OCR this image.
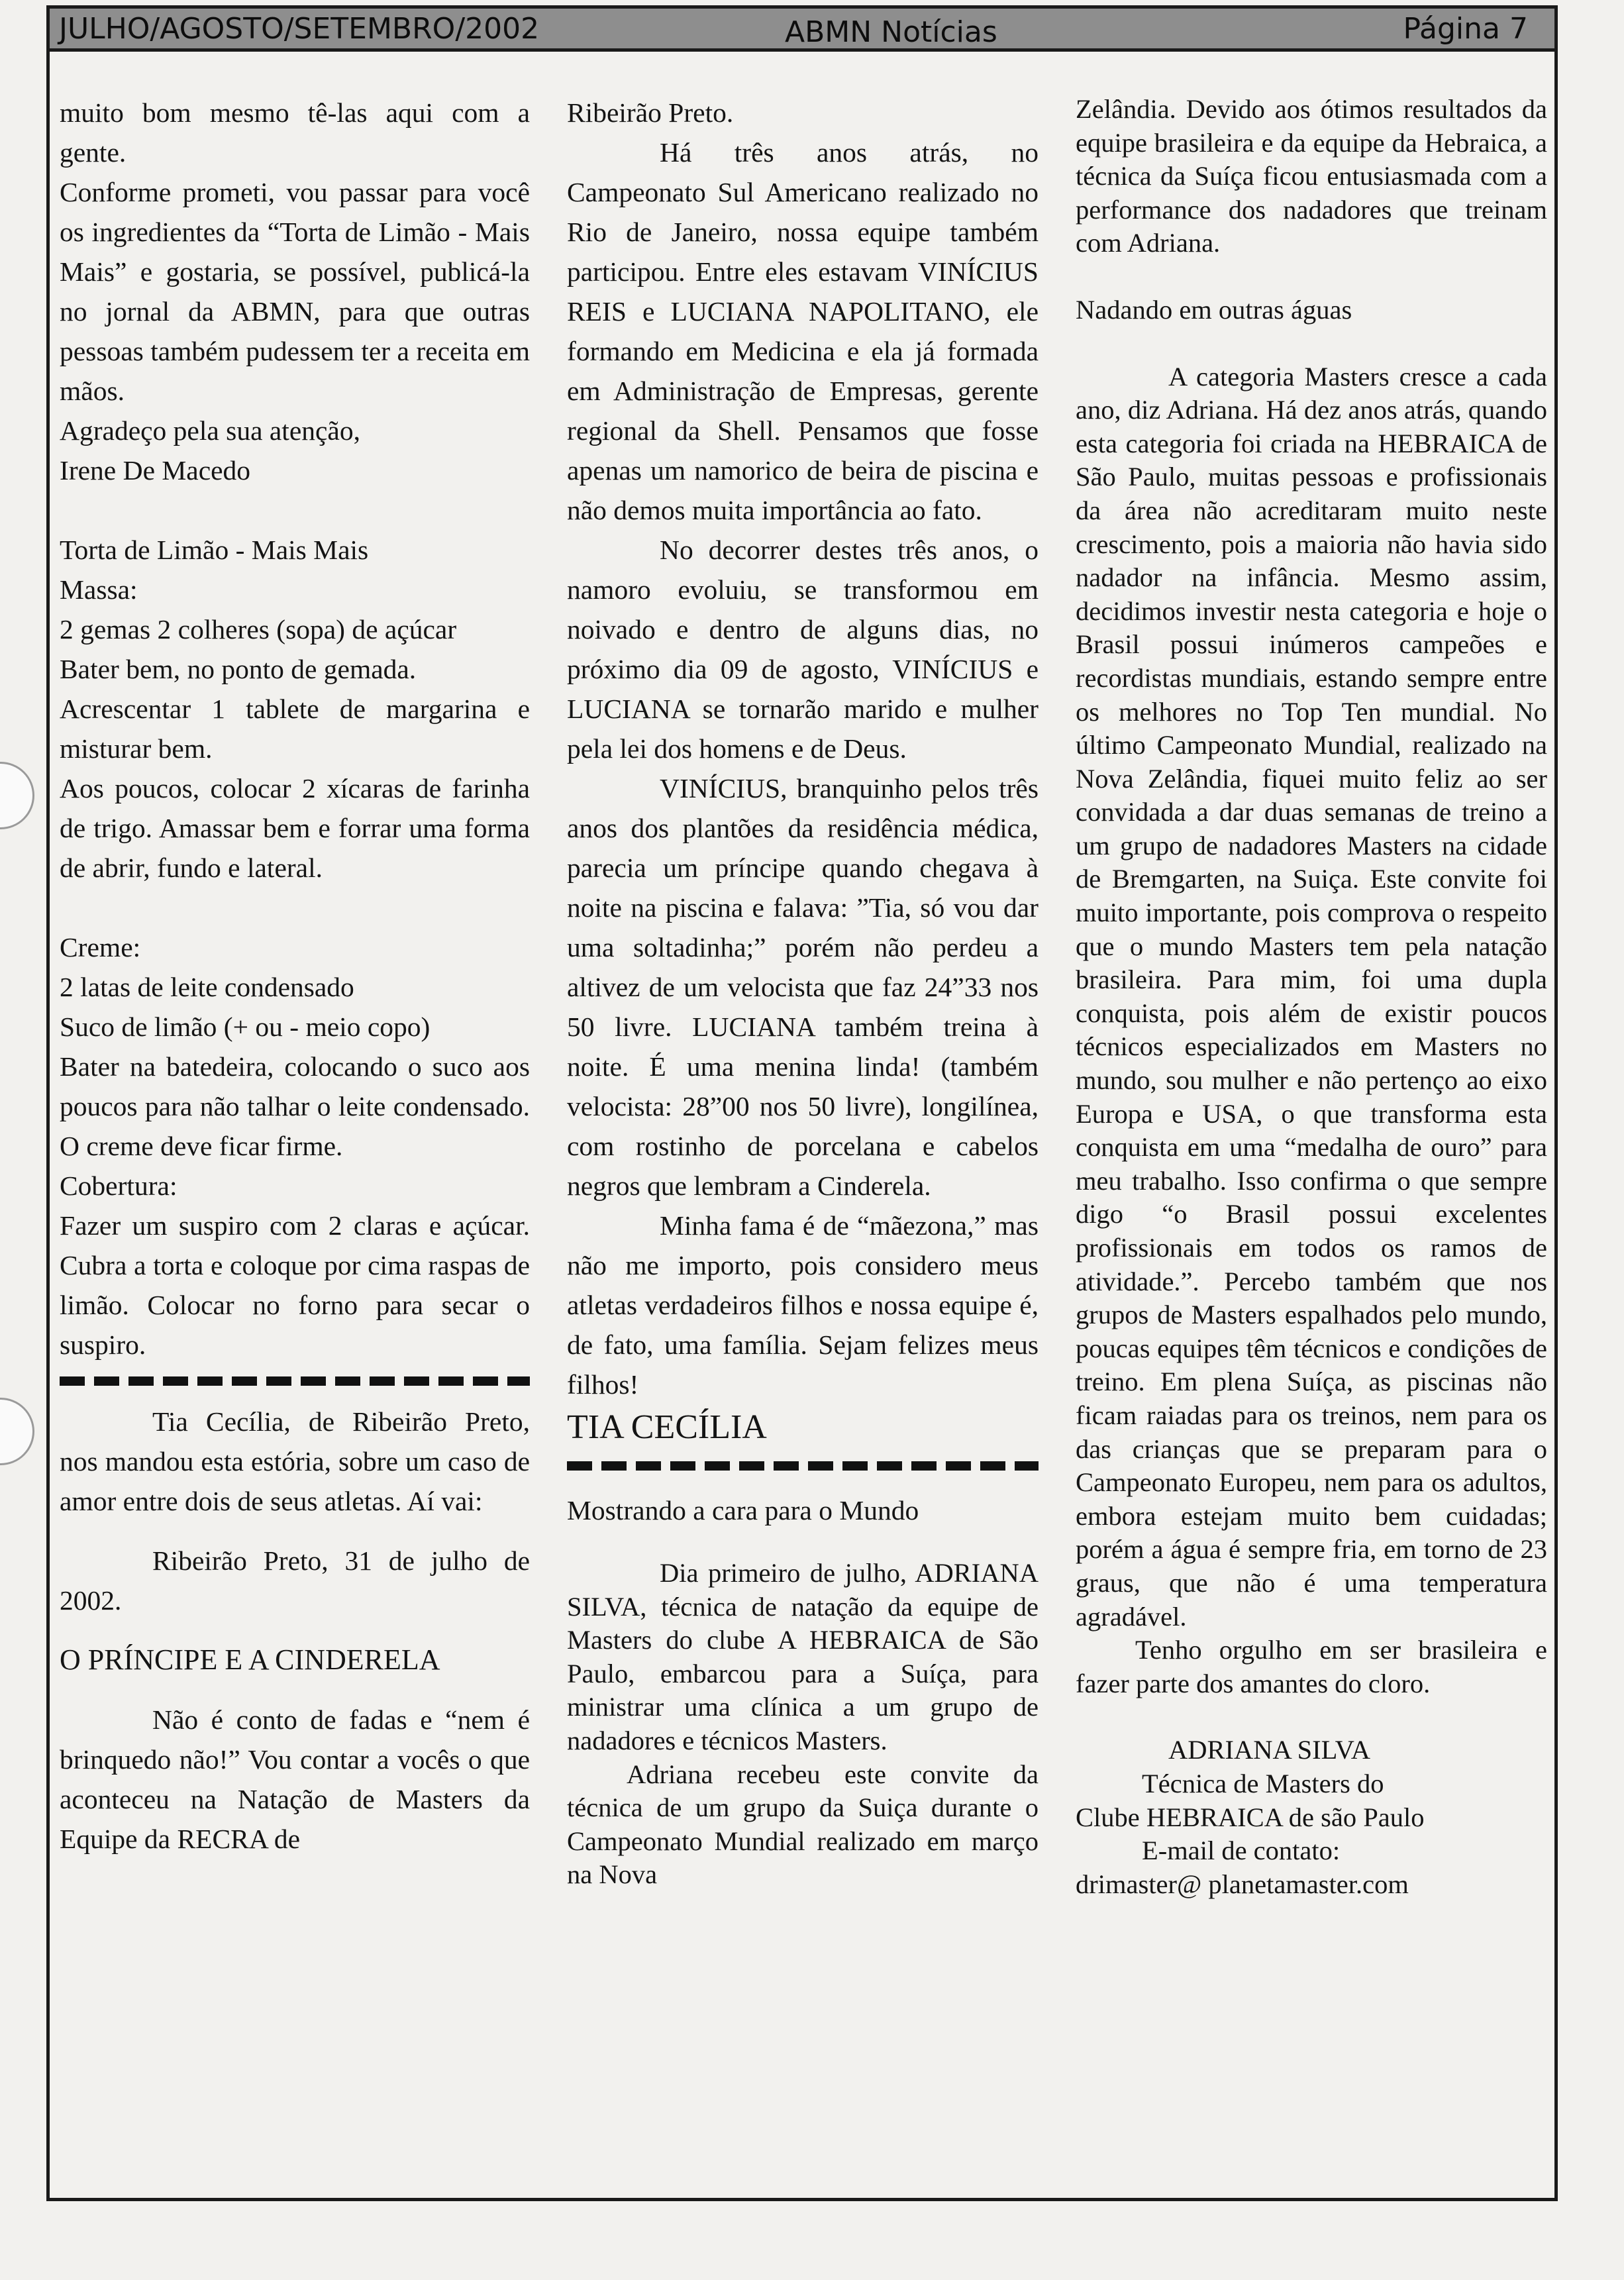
JULHO/AGOSTO/SETEMBRO/2002	ABMN Notícias	Página 7

muito bom mesmo tê-las aqui com a gente.

Conforme prometi, vou passar para você os ingredientes da “Torta de Limão - Mais Mais” e gostaria, se possível, publicá-la no jornal da ABMN, para que outras pessoas também pudessem ter a receita em mãos.

Agradeço pela sua atenção,

Irene De Macedo

Torta de Limão - Mais Mais

Massa:

2 gemas 2 colheres (sopa) de açúcar

Bater bem, no ponto de gemada.

Acrescentar 1 tablete de margarina e misturar bem.

Aos poucos, colocar 2 xícaras de farinha de trigo. Amassar bem e forrar uma forma de abrir, fundo e lateral.

Creme:

2 latas de leite condensado

Suco de limão (+ ou - meio copo)

Bater na batedeira, colocando o suco aos poucos para não talhar o leite condensado. O creme deve ficar firme.

Cobertura:

Fazer um suspiro com 2 claras e açúcar. Cubra a torta e coloque por cima raspas de limão. Colocar no forno para secar o suspiro.

Tia Cecília, de Ribeirão Preto, nos mandou esta estória, sobre um caso de amor entre dois de seus atletas. Aí vai:

Ribeirão Preto, 31 de julho de 2002.

O PRÍNCIPE E A CINDERELA

Não é conto de fadas e “nem é brinquedo não!” Vou contar a vocês o que aconteceu na Natação de Masters da Equipe da RECRA de

Ribeirão Preto.

Há três anos atrás, no Campeonato Sul Americano realizado no Rio de Janeiro, nossa equipe também participou. Entre eles estavam VINÍCIUS REIS e LUCIANA NAPOLITANO, ele formando em Medicina e ela já formada em Administração de Empresas, gerente regional da Shell. Pensamos que fosse apenas um namorico de beira de piscina e não demos muita importância ao fato.

No decorrer destes três anos, o namoro evoluiu, se transformou em noivado e dentro de alguns dias, no próximo dia 09 de agosto, VINÍCIUS e LUCIANA se tornarão marido e mulher pela lei dos homens e de Deus.

VINÍCIUS, branquinho pelos três anos dos plantões da residência médica, parecia um príncipe quando chegava à noite na piscina e falava: ”Tia, só vou dar uma soltadinha;” porém não perdeu a altivez de um velocista que faz 24”33 nos 50 livre. LUCIANA também treina à noite. É uma menina linda! (também velocista: 28”00 nos 50 livre), longilínea, com rostinho de porcelana e cabelos negros que lembram a Cinderela.

Minha fama é de “mãezona,” mas não me importo, pois considero meus atletas verdadeiros filhos e nossa equipe é, de fato, uma família. Sejam felizes meus filhos!

TIA CECÍLIA

Mostrando a cara para o Mundo

Dia primeiro de julho, ADRIANA SILVA, técnica de natação da equipe de Masters do clube A HEBRAICA de São Paulo, embarcou para a Suíça, para ministrar uma clínica a um grupo de nadadores e técnicos Masters.

Adriana recebeu este convite da técnica de um grupo da Suiça durante o Campeonato Mundial realizado em março na Nova

Zelândia. Devido aos ótimos resultados da equipe brasileira e da equipe da Hebraica, a técnica da Suíça ficou entusiasmada com a performance dos nadadores que treinam com Adriana.

Nadando em outras águas

A categoria Masters cresce a cada ano, diz Adriana. Há dez anos atrás, quando esta categoria foi criada na HEBRAICA de São Paulo, muitas pessoas e profissionais da área não acreditaram muito neste crescimento, pois a maioria não havia sido nadador na infância. Mesmo assim, decidimos investir nesta categoria e hoje o Brasil possui inúmeros campeões e recordistas mundiais, estando sempre entre os melhores no Top Ten mundial. No último Campeonato Mundial, realizado na Nova Zelândia, fiquei muito feliz ao ser convidada a dar duas semanas de treino a um grupo de nadadores Masters na cidade de Bremgarten, na Suiça. Este convite foi muito importante, pois comprova o respeito que o mundo Masters tem pela natação brasileira. Para mim, foi uma dupla conquista, pois além de existir poucos técnicos especializados em Masters no mundo, sou mulher e não pertenço ao eixo Europa e USA, o que transforma esta conquista em uma “medalha de ouro” para meu trabalho. Isso confirma o que sempre digo “o Brasil possui excelentes profissionais em todos os ramos de atividade.”. Percebo também que nos grupos de Masters espalhados pelo mundo, poucas equipes têm técnicos e condições de treino. Em plena Suíça, as piscinas não ficam raiadas para os treinos, nem para os das crianças que se preparam para o Campeonato Europeu, nem para os adultos, embora estejam muito bem cuidadas; porém a água é sempre fria, em torno de 23 graus, que não é uma temperatura agradável.

Tenho orgulho em ser brasileira e fazer parte dos amantes do cloro.

ADRIANA SILVA

Técnica de Masters do

Clube HEBRAICA de são Paulo

E-mail de contato:

drimaster@ planetamaster.com
